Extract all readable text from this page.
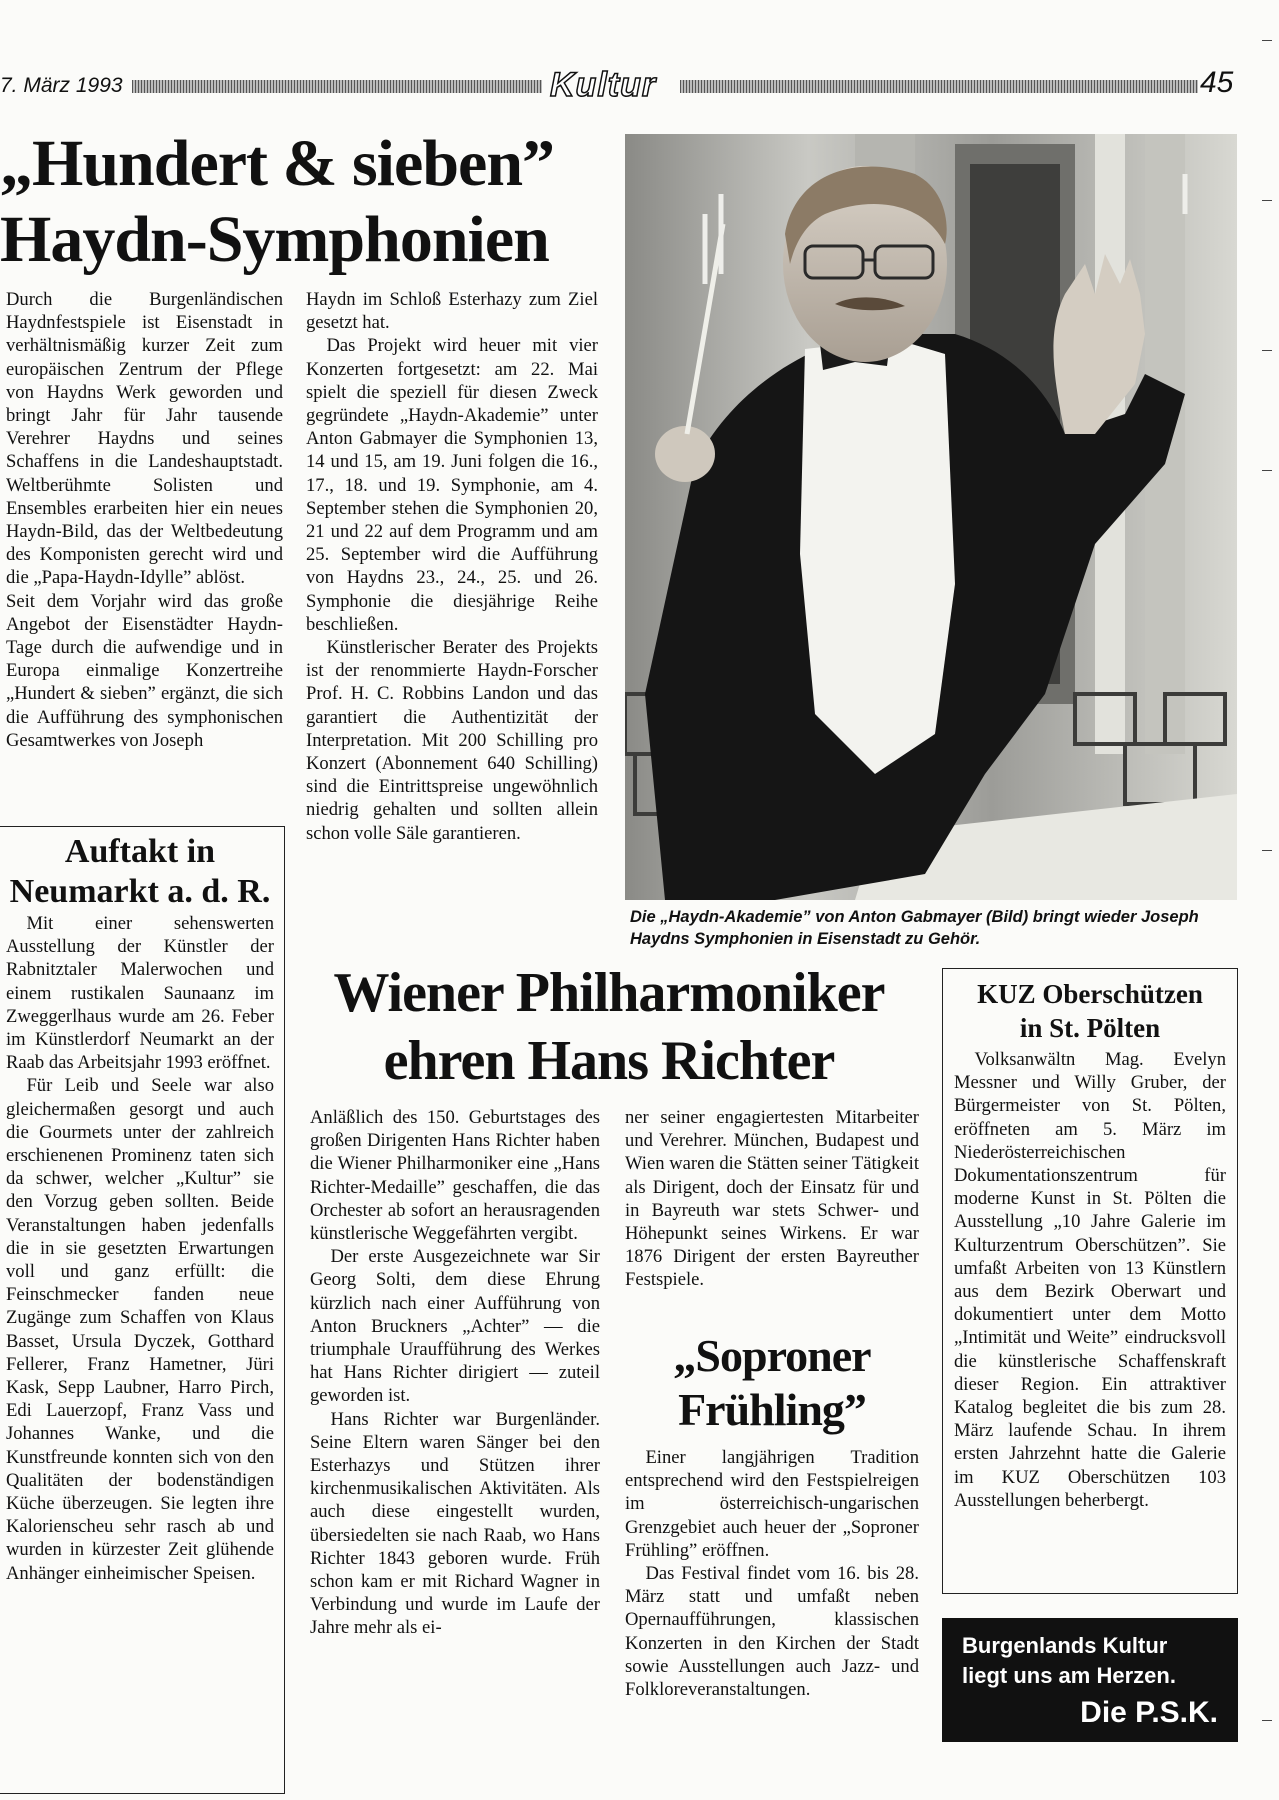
7. März 1993	Kultur	45
„Hundert & sieben”
Haydn-Symphonien

Durch die Burgenländischen Haydnfestspiele ist Eisenstadt in verhältnismäßig kurzer Zeit zum europäischen Zentrum der Pflege von Haydns Werk geworden und bringt Jahr für Jahr tausende Verehrer Haydns und seines Schaffens in die Landeshauptstadt. Weltberühmte Solisten und Ensembles erarbeiten hier ein neues Haydn-Bild, das der Weltbedeutung des Komponisten gerecht wird und die „Papa-Haydn-Idylle” ablöst.

Seit dem Vorjahr wird das große Angebot der Eisenstädter Haydn-Tage durch die aufwendige und in Europa einmalige Konzertreihe „Hundert & sieben” ergänzt, die sich die Aufführung des symphonischen Gesamtwerkes von Joseph

Haydn im Schloß Esterhazy zum Ziel gesetzt hat.

Das Projekt wird heuer mit vier Konzerten fortgesetzt: am 22. Mai spielt die speziell für diesen Zweck gegründete „Haydn-Akademie” unter Anton Gabmayer die Symphonien 13, 14 und 15, am 19. Juni folgen die 16., 17., 18. und 19. Symphonie, am 4. September stehen die Symphonien 20, 21 und 22 auf dem Programm und am 25. September wird die Aufführung von Haydns 23., 24., 25. und 26. Symphonie die diesjährige Reihe beschließen.

Künstlerischer Berater des Projekts ist der renommierte Haydn-Forscher Prof. H. C. Robbins Landon und das garantiert die Authentizität der Interpretation. Mit 200 Schilling pro Konzert (Abonnement 640 Schilling) sind die Eintrittspreise ungewöhnlich niedrig gehalten und sollten allein schon volle Säle garantieren.

Die „Haydn-Akademie” von Anton Gabmayer (Bild) bringt wieder Joseph Haydns Symphonien in Eisenstadt zu Gehör.
Auftakt in
Neumarkt a. d. R.

Mit einer sehenswerten Ausstellung der Künstler der Rabnitztaler Malerwochen und einem rustikalen Saunaanz im Zweggerlhaus wurde am 26. Feber im Künstlerdorf Neumarkt an der Raab das Arbeitsjahr 1993 eröffnet.

Für Leib und Seele war also gleichermaßen gesorgt und auch die Gourmets unter der zahlreich erschienenen Prominenz taten sich da schwer, welcher „Kultur” sie den Vorzug geben sollten. Beide Veranstaltungen haben jedenfalls die in sie gesetzten Erwartungen voll und ganz erfüllt: die Feinschmecker fanden neue Zugänge zum Schaffen von Klaus Basset, Ursula Dyczek, Gotthard Fellerer, Franz Hametner, Jüri Kask, Sepp Laubner, Harro Pirch, Edi Lauerzopf, Franz Vass und Johannes Wanke, und die Kunstfreunde konnten sich von den Qualitäten der bodenständigen Küche überzeugen. Sie legten ihre Kalorienscheu sehr rasch ab und wurden in kürzester Zeit glühende Anhänger einheimischer Speisen.

Wiener Philharmoniker
ehren Hans Richter

Anläßlich des 150. Geburtstages des großen Dirigenten Hans Richter haben die Wiener Philharmoniker eine „Hans Richter-Medaille” geschaffen, die das Orchester ab sofort an herausragenden künstlerische Weggefährten vergibt.

Der erste Ausgezeichnete war Sir Georg Solti, dem diese Ehrung kürzlich nach einer Aufführung von Anton Bruckners „Achter” — die triumphale Uraufführung des Werkes hat Hans Richter dirigiert — zuteil geworden ist.

Hans Richter war Burgenländer. Seine Eltern waren Sänger bei den Esterhazys und Stützen ihrer kirchenmusikalischen Aktivitäten. Als auch diese eingestellt wurden, übersiedelten sie nach Raab, wo Hans Richter 1843 geboren wurde. Früh schon kam er mit Richard Wagner in Verbindung und wurde im Laufe der Jahre mehr als ei-

ner seiner engagiertesten Mitarbeiter und Verehrer. München, Budapest und Wien waren die Stätten seiner Tätigkeit als Dirigent, doch der Einsatz für und in Bayreuth war stets Schwer- und Höhepunkt seines Wirkens. Er war 1876 Dirigent der ersten Bayreuther Festspiele.

„Soproner
Frühling”

Einer langjährigen Tradition entsprechend wird den Festspielreigen im österreichisch-ungarischen Grenzgebiet auch heuer der „Soproner Frühling” eröffnen.

Das Festival findet vom 16. bis 28. März statt und umfaßt neben Opernaufführungen, klassischen Konzerten in den Kirchen der Stadt sowie Ausstellungen auch Jazz- und Folkloreveranstaltungen.

KUZ Oberschützen
in St. Pölten

Volksanwältn Mag. Evelyn Messner und Willy Gruber, der Bürgermeister von St. Pölten, eröffneten am 5. März im Niederösterreichischen Dokumentationszentrum für moderne Kunst in St. Pölten die Ausstellung „10 Jahre Galerie im Kulturzentrum Oberschützen”. Sie umfaßt Arbeiten von 13 Künstlern aus dem Bezirk Oberwart und dokumentiert unter dem Motto „Intimität und Weite” eindrucksvoll die künstlerische Schaffenskraft dieser Region. Ein attraktiver Katalog begleitet die bis zum 28. März laufende Schau. In ihrem ersten Jahrzehnt hatte die Galerie im KUZ Oberschützen 103 Ausstellungen beherbergt.

Burgenlands Kultur
liegt uns am Herzen.
Die P.S.K.
